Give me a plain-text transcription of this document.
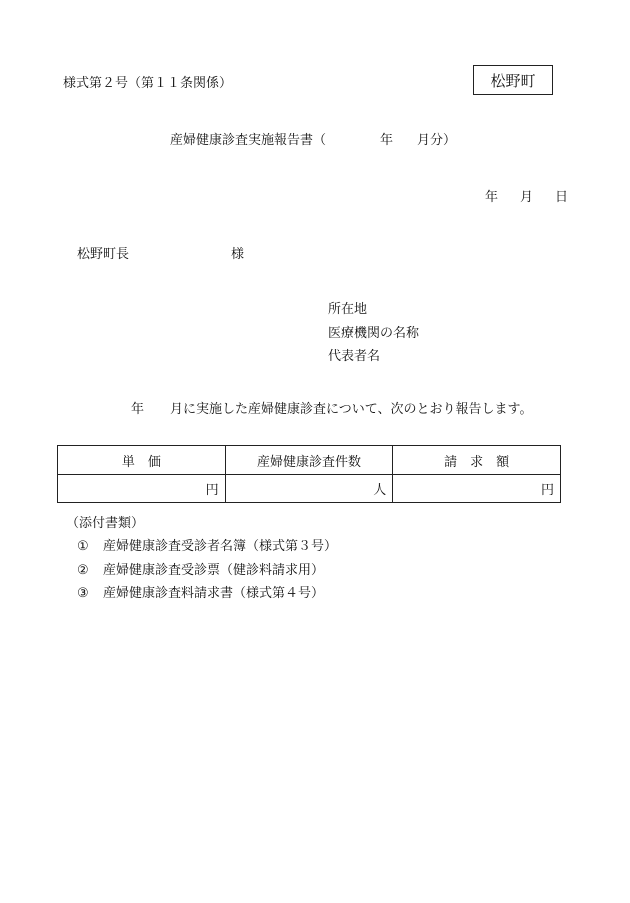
様式第２号（第１１条関係）	松野町
産婦健康診査実施報告書（	年 月分）
年 月 日
松野町長	様
所在地
医療機関の名称
代表者名
年 月に実施した産婦健康診査について、次のとおり報告します。
単　価	産婦健康診査件数	請　求　額
円	人	円
（添付書類）
① 産婦健康診査受診者名簿（様式第３号）
② 産婦健康診査受診票（健診料請求用）
③ 産婦健康診査料請求書（様式第４号）
